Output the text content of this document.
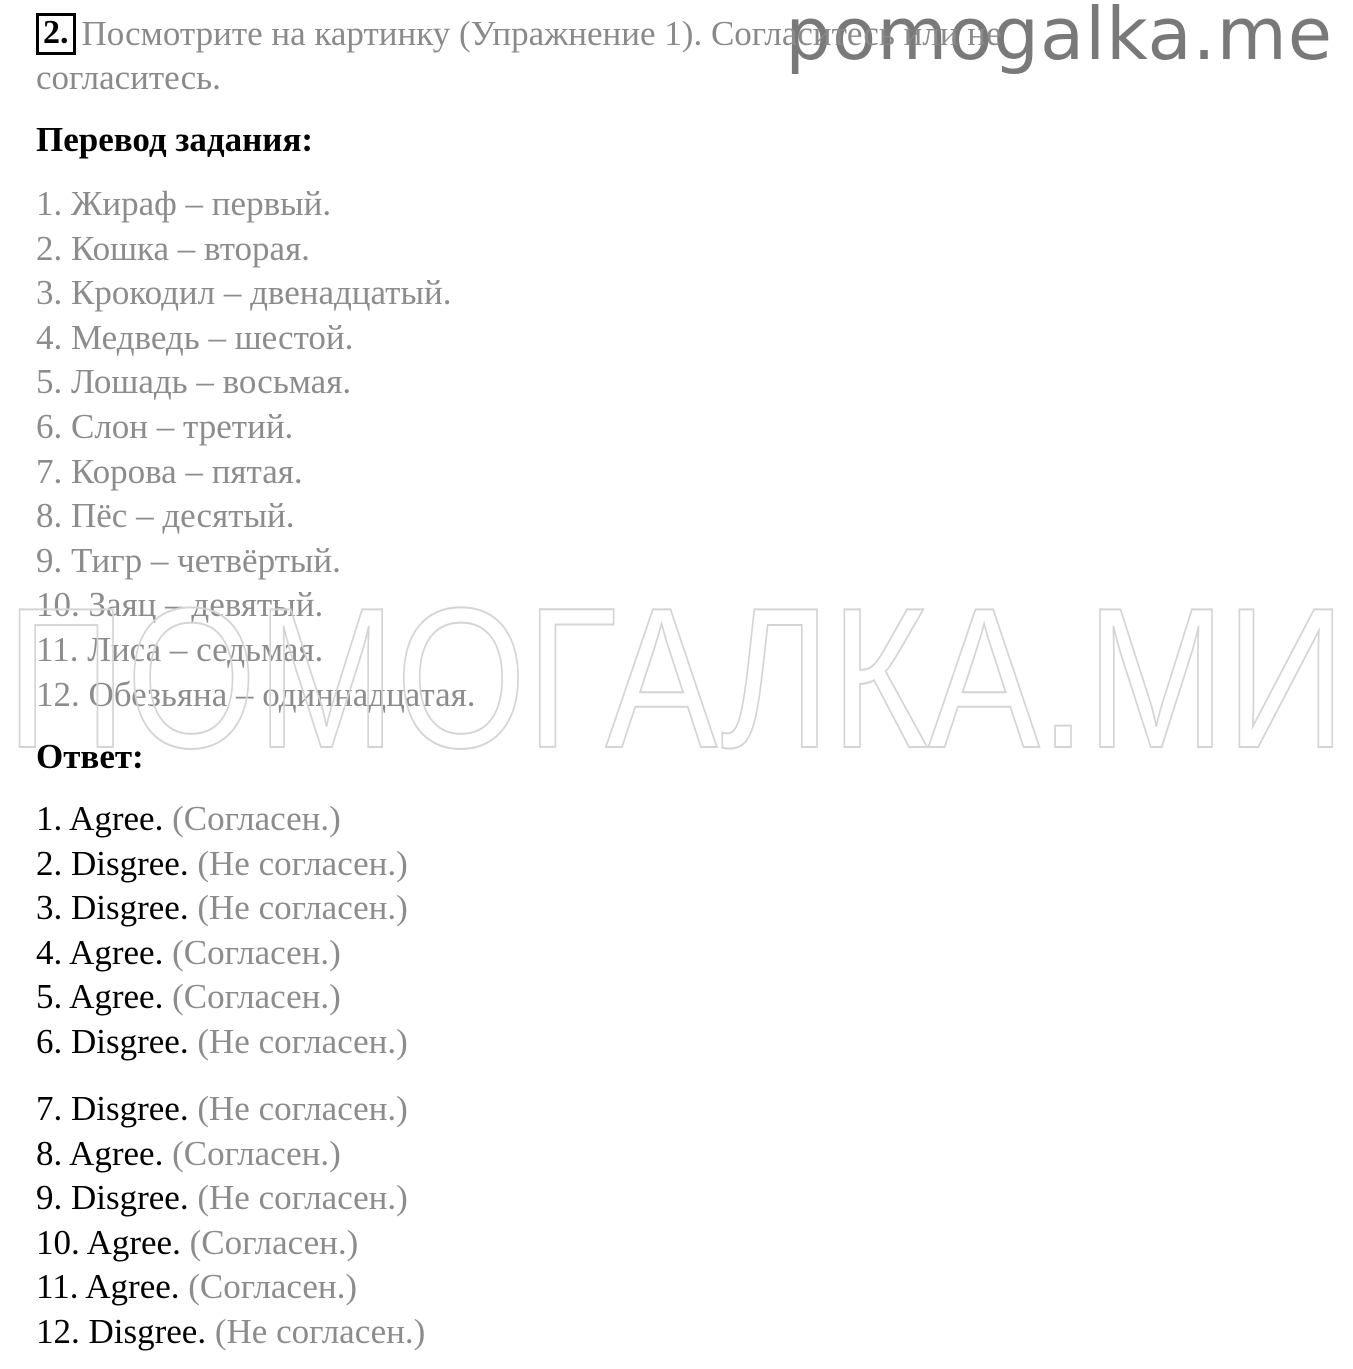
pomogalka.me
2. Посмотрите на картинку (Упражнение 1). Согласитесь или не согласитесь.
Перевод задания:
1. Жираф – первый.
2. Кошка – вторая.
3. Крокодил – двенадцатый.
4. Медведь – шестой.
5. Лошадь – восьмая.
6. Слон – третий.
7. Корова – пятая.
8. Пёс – десятый.
9. Тигр – четвёртый.
10. Заяц – девятый.
11. Лиса – седьмая.
12. Обезьяна – одиннадцатая.
ПОМОГАЛКА.МИ
Ответ:
1. Agree. (Согласен.)
2. Disgree. (Не согласен.)
3. Disgree. (Не согласен.)
4. Agree. (Согласен.)
5. Agree. (Согласен.)
6. Disgree. (Не согласен.)
7. Disgree. (Не согласен.)
8. Agree. (Согласен.)
9. Disgree. (Не согласен.)
10. Agree. (Согласен.)
11. Agree. (Согласен.)
12. Disgree. (Не согласен.)
